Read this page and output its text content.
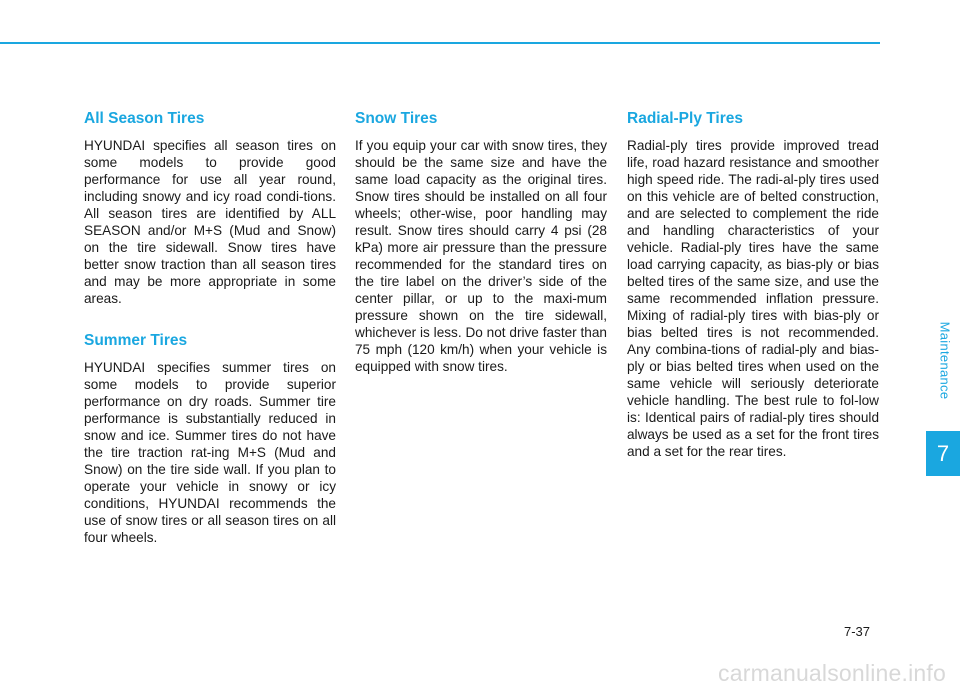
All Season Tires

HYUNDAI specifies all season tires on some models to provide good performance for use all year round, including snowy and icy road condi-tions. All season tires are identified by ALL SEASON and/or M+S (Mud and Snow) on the tire sidewall. Snow tires have better snow traction than all season tires and may be more appropriate in some areas.

Summer Tires

HYUNDAI specifies summer tires on some models to provide superior performance on dry roads. Summer tire performance is substantially reduced in snow and ice. Summer tires do not have the tire traction rat-ing M+S (Mud and Snow) on the tire side wall. If you plan to operate your vehicle in snowy or icy conditions, HYUNDAI recommends the use of snow tires or all season tires on all four wheels.

Snow Tires

If you equip your car with snow tires, they should be the same size and have the same load capacity as the original tires. Snow tires should be installed on all four wheels; other-wise, poor handling may result. Snow tires should carry 4 psi (28 kPa) more air pressure than the pressure recommended for the standard tires on the tire label on the driver’s side of the center pillar, or up to the maxi-mum pressure shown on the tire sidewall, whichever is less. Do not drive faster than 75 mph (120 km/h) when your vehicle is equipped with snow tires.

Radial-Ply Tires

Radial-ply tires provide improved tread life, road hazard resistance and smoother high speed ride. The radi-al-ply tires used on this vehicle are of belted construction, and are selected to complement the ride and handling characteristics of your vehicle. Radial-ply tires have the same load carrying capacity, as bias-ply or bias belted tires of the same size, and use the same recommended inflation pressure. Mixing of radial-ply tires with bias-ply or bias belted tires is not recommended. Any combina-tions of radial-ply and bias-ply or bias belted tires when used on the same vehicle will seriously deteriorate vehicle handling. The best rule to fol-low is: Identical pairs of radial-ply tires should always be used as a set for the front tires and a set for the rear tires.

Maintenance
7
7-37
carmanualsonline.info
